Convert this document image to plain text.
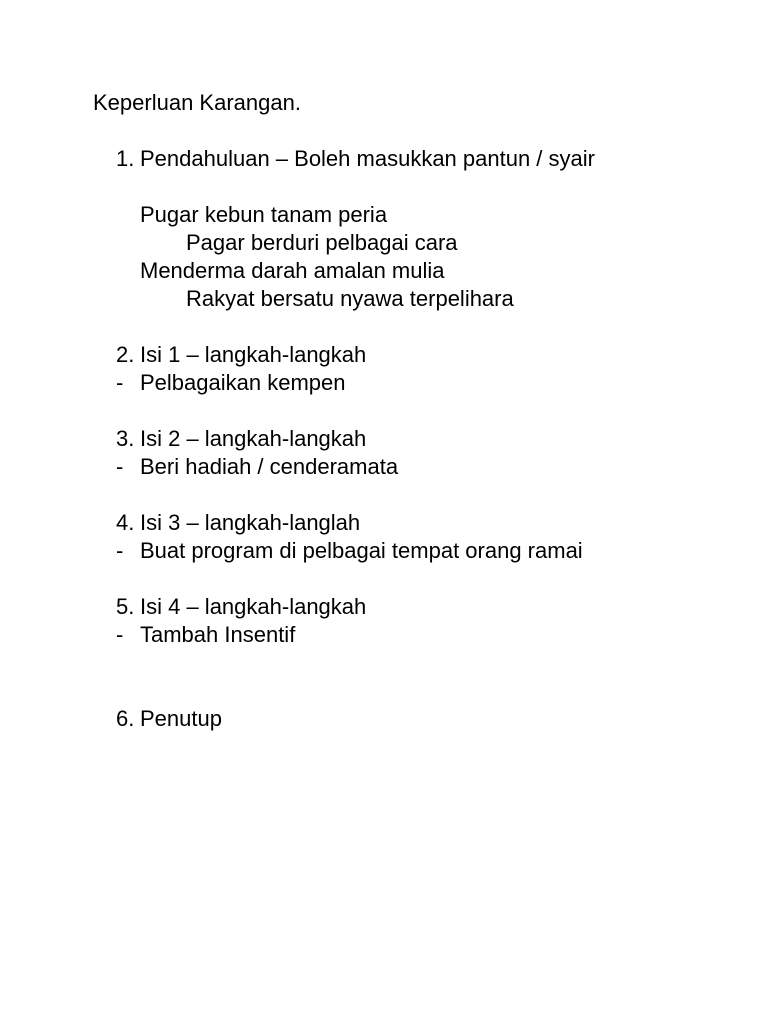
Keperluan Karangan.
1. Pendahuluan – Boleh masukkan pantun / syair
Pugar kebun tanam peria
Pagar berduri pelbagai cara
Menderma darah amalan mulia
Rakyat bersatu nyawa terpelihara
2. Isi 1 – langkah-langkah
- Pelbagaikan kempen
3. Isi 2 – langkah-langkah
- Beri hadiah / cenderamata
4. Isi 3 – langkah-langlah
- Buat program di pelbagai tempat orang ramai
5. Isi 4 – langkah-langkah
- Tambah Insentif
6. Penutup
